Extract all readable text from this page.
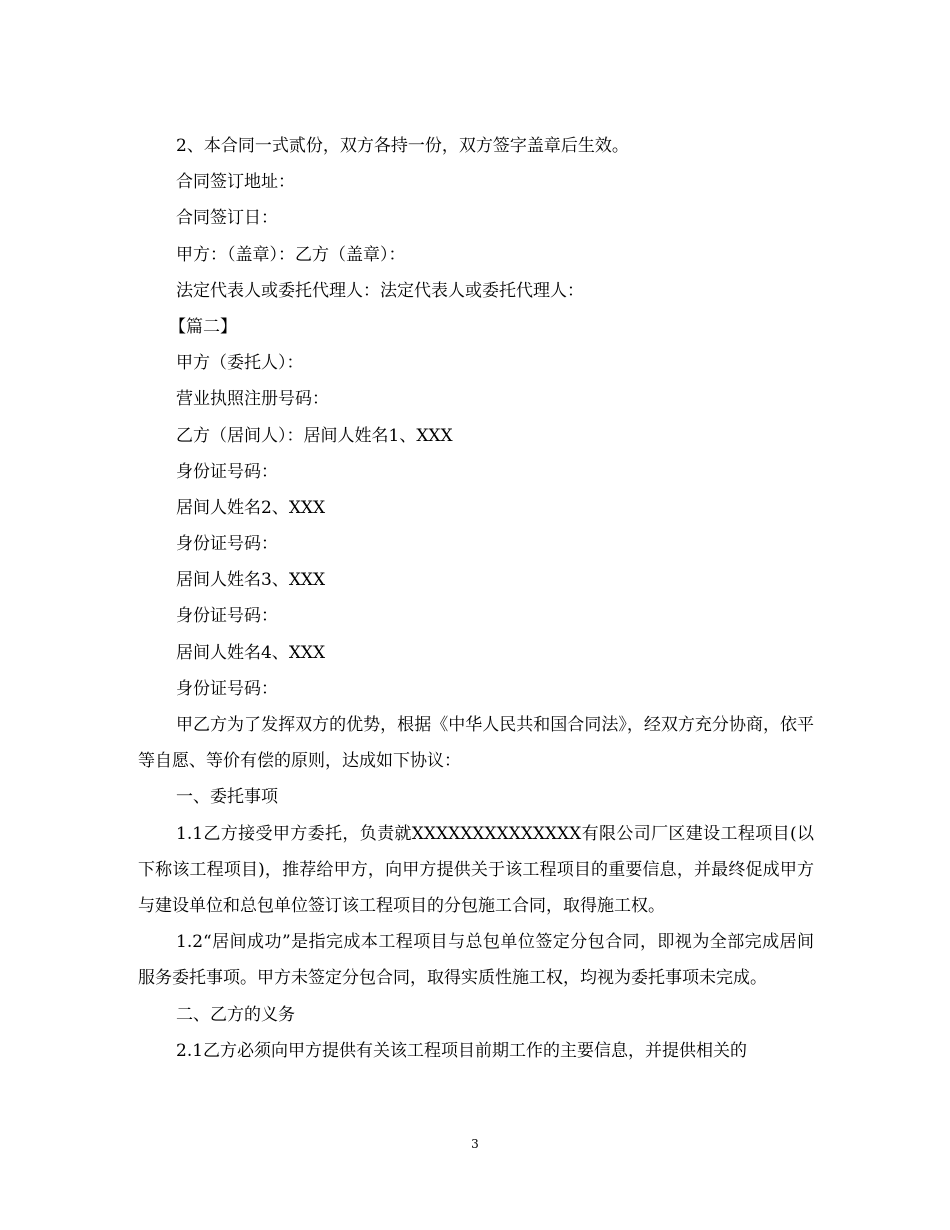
2、本合同一式贰份，双方各持一份，双方签字盖章后生效。
合同签订地址：
合同签订日：
甲方：（盖章）：乙方（盖章）：
法定代表人或委托代理人：法定代表人或委托代理人：
【篇二】
甲方（委托人）：
营业执照注册号码：
乙方（居间人）：居间人姓名1、XXX
身份证号码：
居间人姓名2、XXX
身份证号码：
居间人姓名3、XXX
身份证号码：
居间人姓名4、XXX
身份证号码：
甲乙方为了发挥双方的优势，根据《中华人民共和国合同法》，经双方充分协商，依平等自愿、等价有偿的原则，达成如下协议：
一、委托事项
1.1乙方接受甲方委托，负责就XXXXXXXXXXXXXX有限公司厂区建设工程项目(以下称该工程项目)，推荐给甲方，向甲方提供关于该工程项目的重要信息，并最终促成甲方与建设单位和总包单位签订该工程项目的分包施工合同，取得施工权。
1.2“居间成功”是指完成本工程项目与总包单位签定分包合同，即视为全部完成居间服务委托事项。甲方未签定分包合同，取得实质性施工权，均视为委托事项未完成。
二、乙方的义务
2.1乙方必须向甲方提供有关该工程项目前期工作的主要信息，并提供相关的
3
